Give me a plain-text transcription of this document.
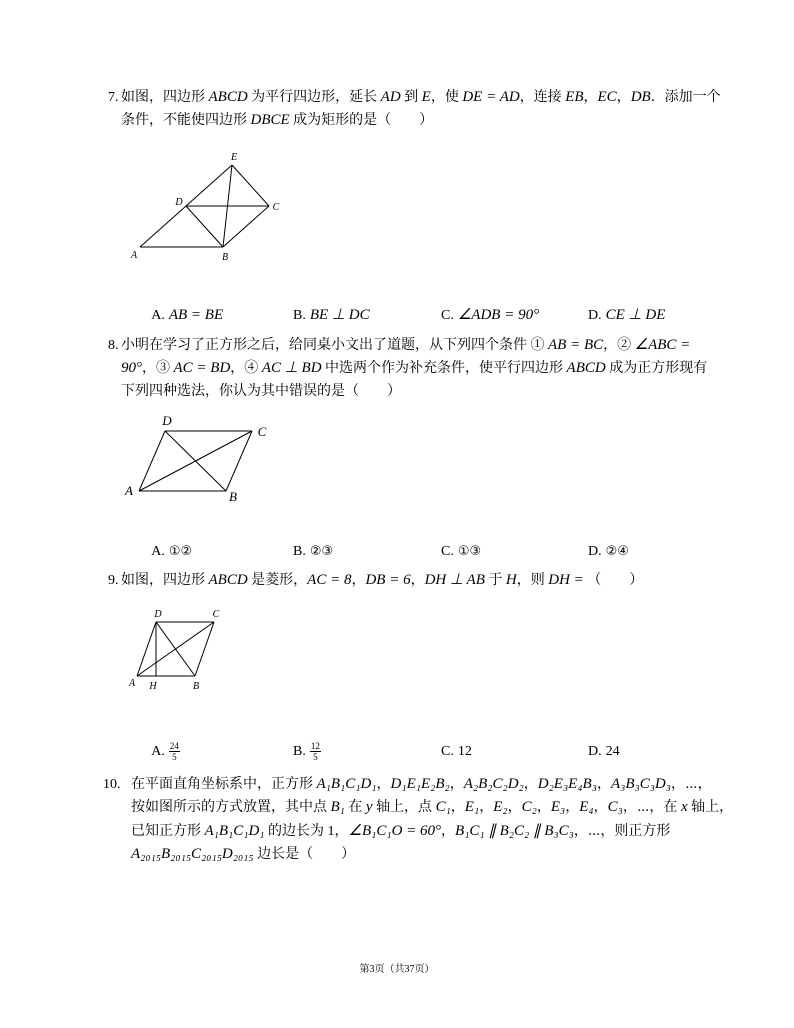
7. 如图，四边形 ABCD 为平行四边形，延长 AD 到 E，使 DE = AD，连接 EB，EC，DB．添加一个
条件，不能使四边形 DBCE 成为矩形的是（　　）
A	B
C
D
E

A. AB = BE
	B. BE ⊥ DC
	C. ∠ADB = 90°
	D. CE ⊥ DE

8. 小明在学习了正方形之后，给同桌小文出了道题，从下列四个条件 ① AB = BC，② ∠ABC =
90°，③ AC = BD，④ AC ⊥ BD 中选两个作为补充条件，使平行四边形 ABCD 成为正方形现有
下列四种选法，你认为其中错误的是（　　）
A	B
C
D

A. ①②
	B. ②③
	C. ①③
	D. ②④

9. 如图，四边形 ABCD 是菱形，AC = 8，DB = 6，DH ⊥ AB 于 H，则 DH = （　　）
A	B
C
D
H

A. $\frac{24}{5}$

	B. $\frac{12}{5}$

	C. 12
	D. 24

10. 在平面直角坐标系中，正方形 A₁B₁C₁D₁，D₁E₁E₂B₂，A₂B₂C₂D₂，D₂E₃E₄B₃，A₃B₃C₃D₃，⋯，
按如图所示的方式放置，其中点 B₁ 在 y 轴上，点 C₁，E₁，E₂，C₂，E₃，E₄，C₃，⋯，在 x 轴上，
已知正方形 A₁B₁C₁D₁ 的边长为 1，∠B₁C₁O = 60°，B₁C₁ ∥ B₂C₂ ∥ B₃C₃，⋯，则正方形
A₂₀₁₅B₂₀₁₅C₂₀₁₅D₂₀₁₅ 边长是（　　）
第3页（共37页）
